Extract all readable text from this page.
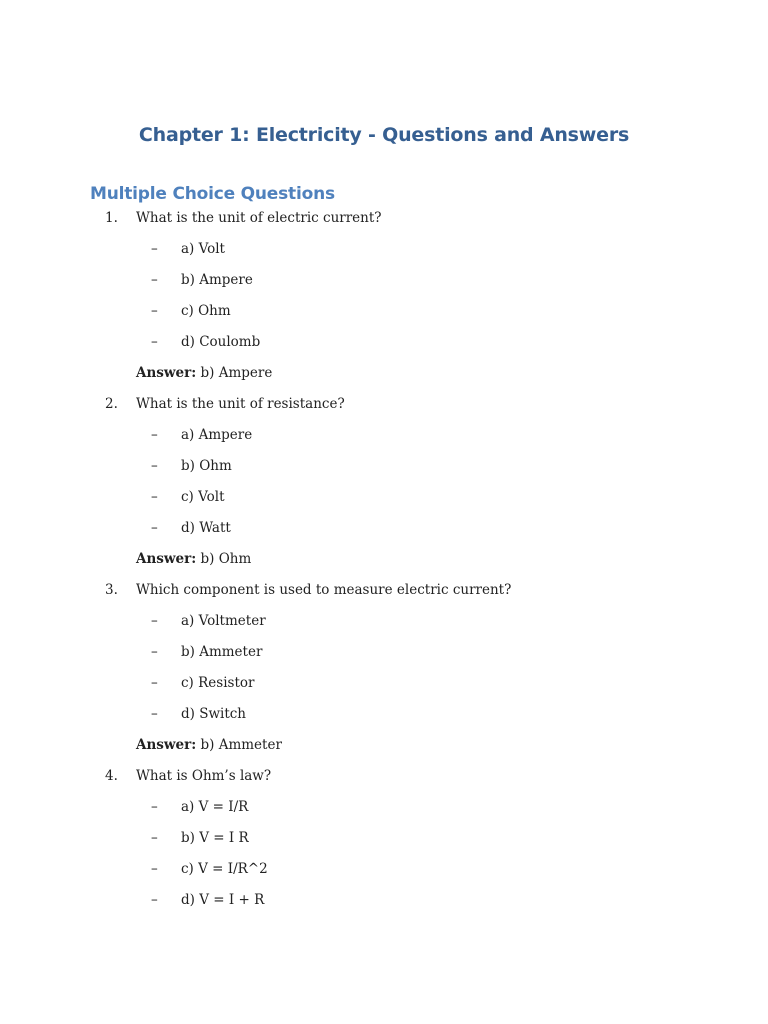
Chapter 1: Electricity - Questions and Answers
Multiple Choice Questions
1. What is the unit of electric current?
– a) Volt
– b) Ampere
– c) Ohm
– d) Coulomb
Answer: b) Ampere
2. What is the unit of resistance?
– a) Ampere
– b) Ohm
– c) Volt
– d) Watt
Answer: b) Ohm
3. Which component is used to measure electric current?
– a) Voltmeter
– b) Ammeter
– c) Resistor
– d) Switch
Answer: b) Ammeter
4. What is Ohm’s law?
– a) V = I/R
– b) V = I R
– c) V = I/R^2
– d) V = I + R
